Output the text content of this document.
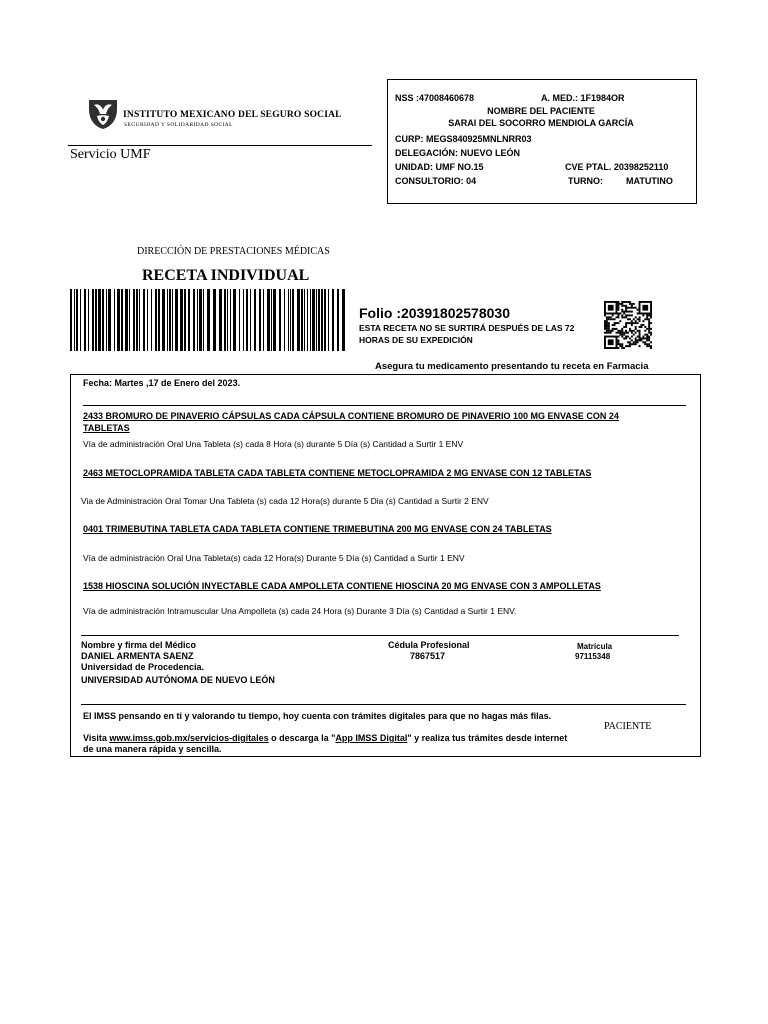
INSTITUTO MEXICANO DEL SEGURO SOCIAL
SEGURIDAD Y SOLIDARIDAD SOCIAL
Servicio UMF
NSS :47008460678	A. MED.: 1F1984OR
NOMBRE DEL PACIENTE
SARAI DEL SOCORRO MENDIOLA GARCÍA
CURP: MEGS840925MNLNRR03
DELEGACIÓN: NUEVO LEÓN
UNIDAD: UMF NO.15	CVE PTAL. 20398252110
CONSULTORIO: 04	TURNO:	MATUTINO
DIRECCIÓN DE PRESTACIONES MÉDICAS
RECETA INDIVIDUAL
Folio :20391802578030
ESTA RECETA NO SE SURTIRÁ DESPUÉS DE LAS 72
HORAS DE SU EXPEDICIÓN
Asegura tu medicamento presentando tu receta en Farmacia
Fecha: Martes ,17 de Enero del 2023.
2433 BROMURO DE PINAVERIO CÁPSULAS CADA CÁPSULA CONTIENE BROMURO DE PINAVERIO 100 MG ENVASE CON 24
TABLETAS
Vía de administración Oral Una Tableta (s) cada 8 Hora (s) durante 5 Día (s) Cantidad a Surtir 1 ENV
2463 METOCLOPRAMIDA TABLETA CADA TABLETA CONTIENE METOCLOPRAMIDA 2 MG ENVASE CON 12 TABLETAS
Via de Administración Oral Tomar Una Tableta (s) cada 12 Hora(s) durante 5 Dia (s) Cantidad a Surtir 2 ENV
0401 TRIMEBUTINA TABLETA CADA TABLETA CONTIENE TRIMEBUTINA 200 MG ENVASE CON 24 TABLETAS
Vía de administración Oral Una Tableta(s) cada 12 Hora(s) Durante 5 Día (s) Cantidad a Surtir 1 ENV
1538 HIOSCINA SOLUCIÓN INYECTABLE CADA AMPOLLETA CONTIENE HIOSCINA 20 MG ENVASE CON 3 AMPOLLETAS
Vía de administración Intramuscular Una Ampolleta (s) cada 24 Hora (s) Durante 3 Día (s) Cantidad a Surtir 1 ENV.
Nombre y firma del Médico
DANIEL ARMENTA SAENZ
Universidad de Procedencia.
UNIVERSIDAD AUTÓNOMA DE NUEVO LEÓN
Cédula Profesional
7867517
Matrícula
97115348
El IMSS pensando en ti y valorando tu tiempo, hoy cuenta con trámites digitales para que no hagas más filas.
PACIENTE
Visita www.imss.gob.mx/servicios-digitales o descarga la "App IMSS Digital" y realiza tus trámites desde internet
de una manera rápida y sencilla.
